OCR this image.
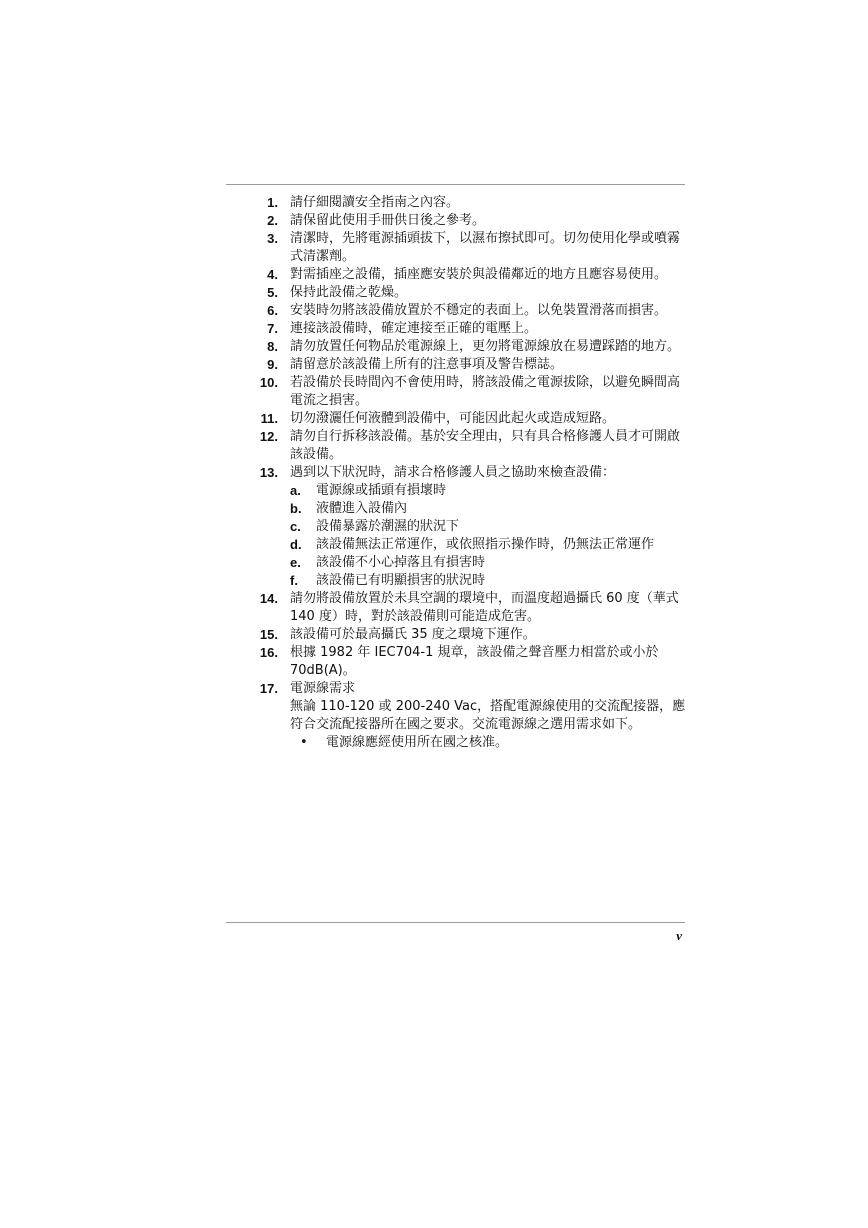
1. 請仔細閱讀安全指南之內容。
2. 請保留此使用手冊供日後之參考。
3. 清潔時，先將電源插頭拔下，以濕布擦拭即可。切勿使用化學或噴霧式清潔劑。
4. 對需插座之設備，插座應安裝於與設備鄰近的地方且應容易使用。
5. 保持此設備之乾燥。
6. 安裝時勿將該設備放置於不穩定的表面上。以免裝置滑落而損害。
7. 連接該設備時，確定連接至正確的電壓上。
8. 請勿放置任何物品於電源線上，更勿將電源線放在易遭踩踏的地方。
9. 請留意於該設備上所有的注意事項及警告標誌。
10. 若設備於長時間內不會使用時，將該設備之電源拔除，以避免瞬間高電流之損害。
11. 切勿潑灑任何液體到設備中，可能因此起火或造成短路。
12. 請勿自行拆移該設備。基於安全理由，只有具合格修護人員才可開啟該設備。
13. 遇到以下狀況時，請求合格修護人員之協助來檢查設備：
a. 電源線或插頭有損壞時
b. 液體進入設備內
c. 設備暴露於潮濕的狀況下
d. 該設備無法正常運作，或依照指示操作時，仍無法正常運作
e. 該設備不小心掉落且有損害時
f. 該設備已有明顯損害的狀況時
14. 請勿將設備放置於未具空調的環境中，而溫度超過攝氏 60 度（華式 140 度）時，對於該設備則可能造成危害。
15. 該設備可於最高攝氏 35 度之環境下運作。
16. 根據 1982 年 IEC704-1 規章，該設備之聲音壓力相當於或小於 70dB(A)。
17. 電源線需求
無論 110-120 或 200-240 Vac，搭配電源線使用的交流配接器，應符合交流配接器所在國之要求。交流電源線之選用需求如下。
• 電源線應經使用所在國之核准。
v
